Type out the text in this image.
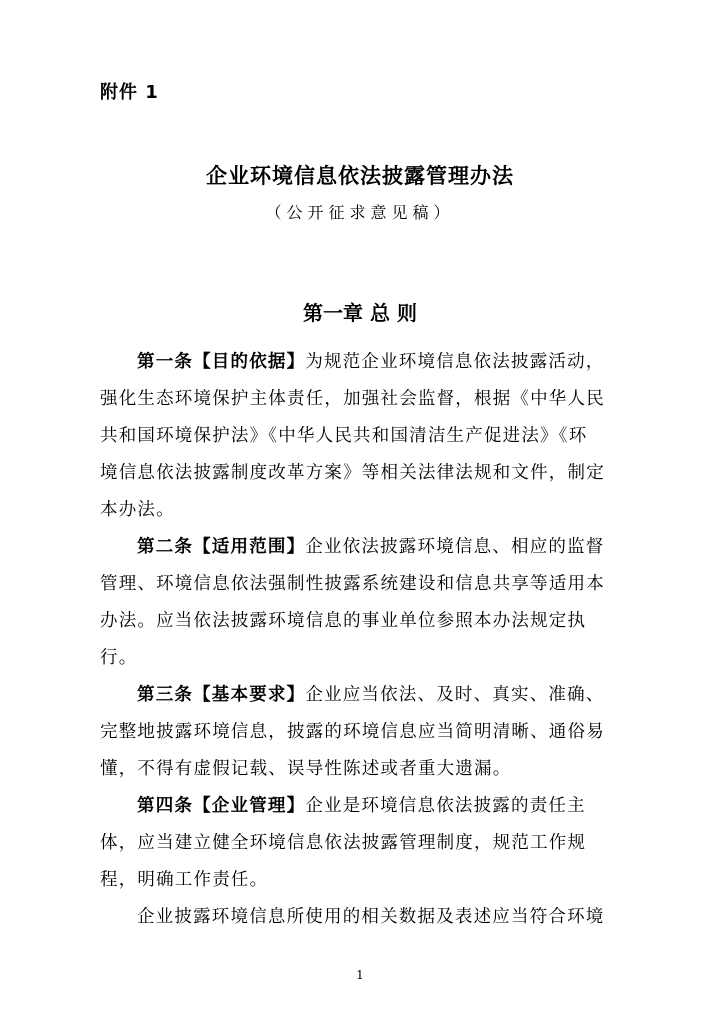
附件 1
企业环境信息依法披露管理办法
（公开征求意见稿）
第一章 总 则
第一条【目的依据】为规范企业环境信息依法披露活动，
强化生态环境保护主体责任，加强社会监督，根据《中华人民
共和国环境保护法》《中华人民共和国清洁生产促进法》《环
境信息依法披露制度改革方案》等相关法律法规和文件，制定
本办法。
第二条【适用范围】企业依法披露环境信息、相应的监督
管理、环境信息依法强制性披露系统建设和信息共享等适用本
办法。应当依法披露环境信息的事业单位参照本办法规定执
行。
第三条【基本要求】企业应当依法、及时、真实、准确、
完整地披露环境信息，披露的环境信息应当简明清晰、通俗易
懂，不得有虚假记载、误导性陈述或者重大遗漏。
第四条【企业管理】企业是环境信息依法披露的责任主
体，应当建立健全环境信息依法披露管理制度，规范工作规
程，明确工作责任。
企业披露环境信息所使用的相关数据及表述应当符合环境
1
